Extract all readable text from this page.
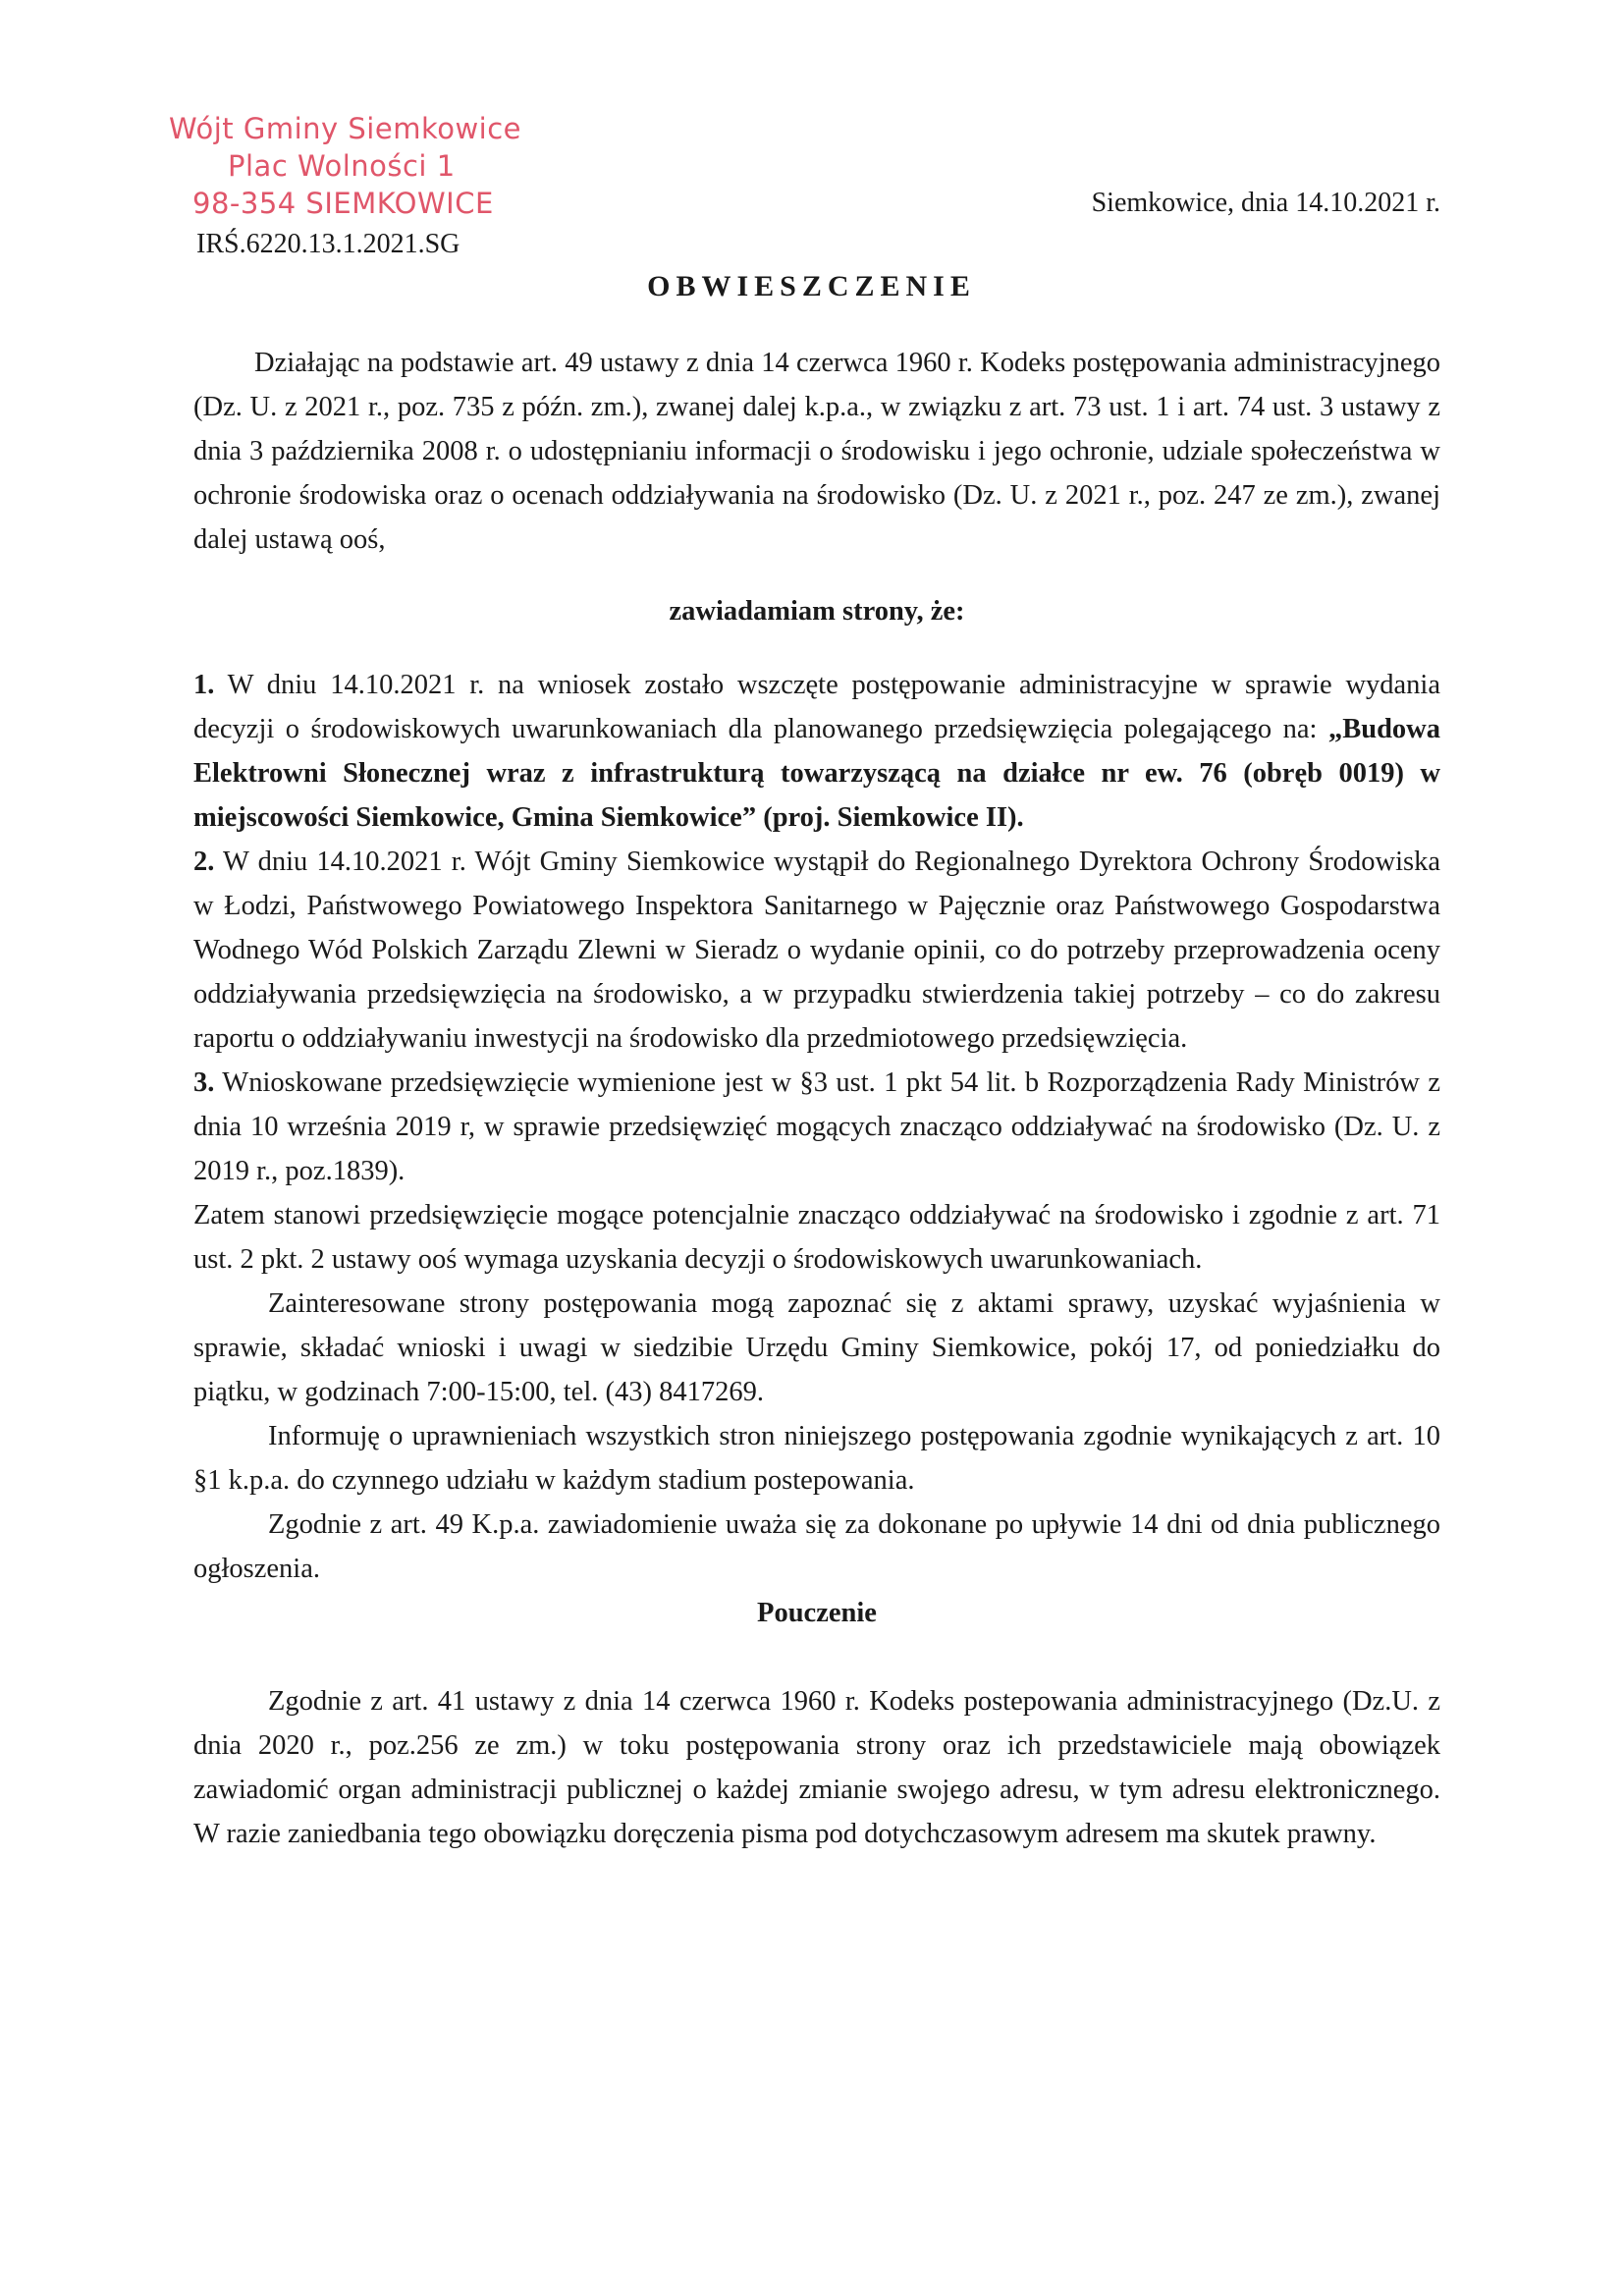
Wójt Gminy Siemkowice
Plac Wolności 1
98-354 SIEMKOWICE
IRŚ.6220.13.1.2021.SG
Siemkowice, dnia 14.10.2021 r.
OBWIESZCZENIE

Działając na podstawie art. 49 ustawy z dnia 14 czerwca 1960 r. Kodeks postępowania administracyjnego (Dz. U. z 2021 r., poz. 735 z późn. zm.), zwanej dalej k.p.a., w związku z art. 73 ust. 1 i art. 74 ust. 3 ustawy z dnia 3 października 2008 r. o udostępnianiu informacji o środowisku i jego ochronie, udziale społeczeństwa w ochronie środowiska oraz o ocenach oddziaływania na środowisko (Dz. U. z 2021 r., poz. 247 ze zm.), zwanej dalej ustawą ooś,

zawiadamiam strony, że:

1. W dniu 14.10.2021 r. na wniosek zostało wszczęte postępowanie administracyjne w sprawie wydania decyzji o środowiskowych uwarunkowaniach dla planowanego przedsięwzięcia polegającego na: „Budowa Elektrowni Słonecznej wraz z infrastrukturą towarzyszącą na działce nr ew. 76 (obręb 0019) w miejscowości Siemkowice, Gmina Siemkowice” (proj. Siemkowice II).

2. W dniu 14.10.2021 r. Wójt Gminy Siemkowice wystąpił do Regionalnego Dyrektora Ochrony Środowiska w Łodzi, Państwowego Powiatowego Inspektora Sanitarnego w Pajęcznie oraz Państwowego Gospodarstwa Wodnego Wód Polskich Zarządu Zlewni w Sieradz o wydanie opinii, co do potrzeby przeprowadzenia oceny oddziaływania przedsięwzięcia na środowisko, a w przypadku stwierdzenia takiej potrzeby – co do zakresu raportu o oddziaływaniu inwestycji na środowisko dla przedmiotowego przedsięwzięcia.

3. Wnioskowane przedsięwzięcie wymienione jest w §3 ust. 1 pkt 54 lit. b Rozporządzenia Rady Ministrów z dnia 10 września 2019 r, w sprawie przedsięwzięć mogących znacząco oddziaływać na środowisko (Dz. U. z 2019 r., poz.1839).

Zatem stanowi przedsięwzięcie mogące potencjalnie znacząco oddziaływać na środowisko i zgodnie z art. 71 ust. 2 pkt. 2 ustawy ooś wymaga uzyskania decyzji o środowiskowych uwarunkowaniach.

Zainteresowane strony postępowania mogą zapoznać się z aktami sprawy, uzyskać wyjaśnienia w sprawie, składać wnioski i uwagi w siedzibie Urzędu Gminy Siemkowice, pokój 17, od poniedziałku do piątku, w godzinach 7:00-15:00, tel. (43) 8417269.

Informuję o uprawnieniach wszystkich stron niniejszego postępowania zgodnie wynikających z art. 10 §1 k.p.a. do czynnego udziału w każdym stadium postepowania.

Zgodnie z art. 49 K.p.a. zawiadomienie uważa się za dokonane po upływie 14 dni od dnia publicznego ogłoszenia.

Pouczenie

Zgodnie z art. 41 ustawy z dnia 14 czerwca 1960 r. Kodeks postepowania administracyjnego (Dz.U. z dnia 2020 r., poz.256 ze zm.) w toku postępowania strony oraz ich przedstawiciele mają obowiązek zawiadomić organ administracji publicznej o każdej zmianie swojego adresu, w tym adresu elektronicznego. W razie zaniedbania tego obowiązku doręczenia pisma pod dotychczasowym adresem ma skutek prawny.
